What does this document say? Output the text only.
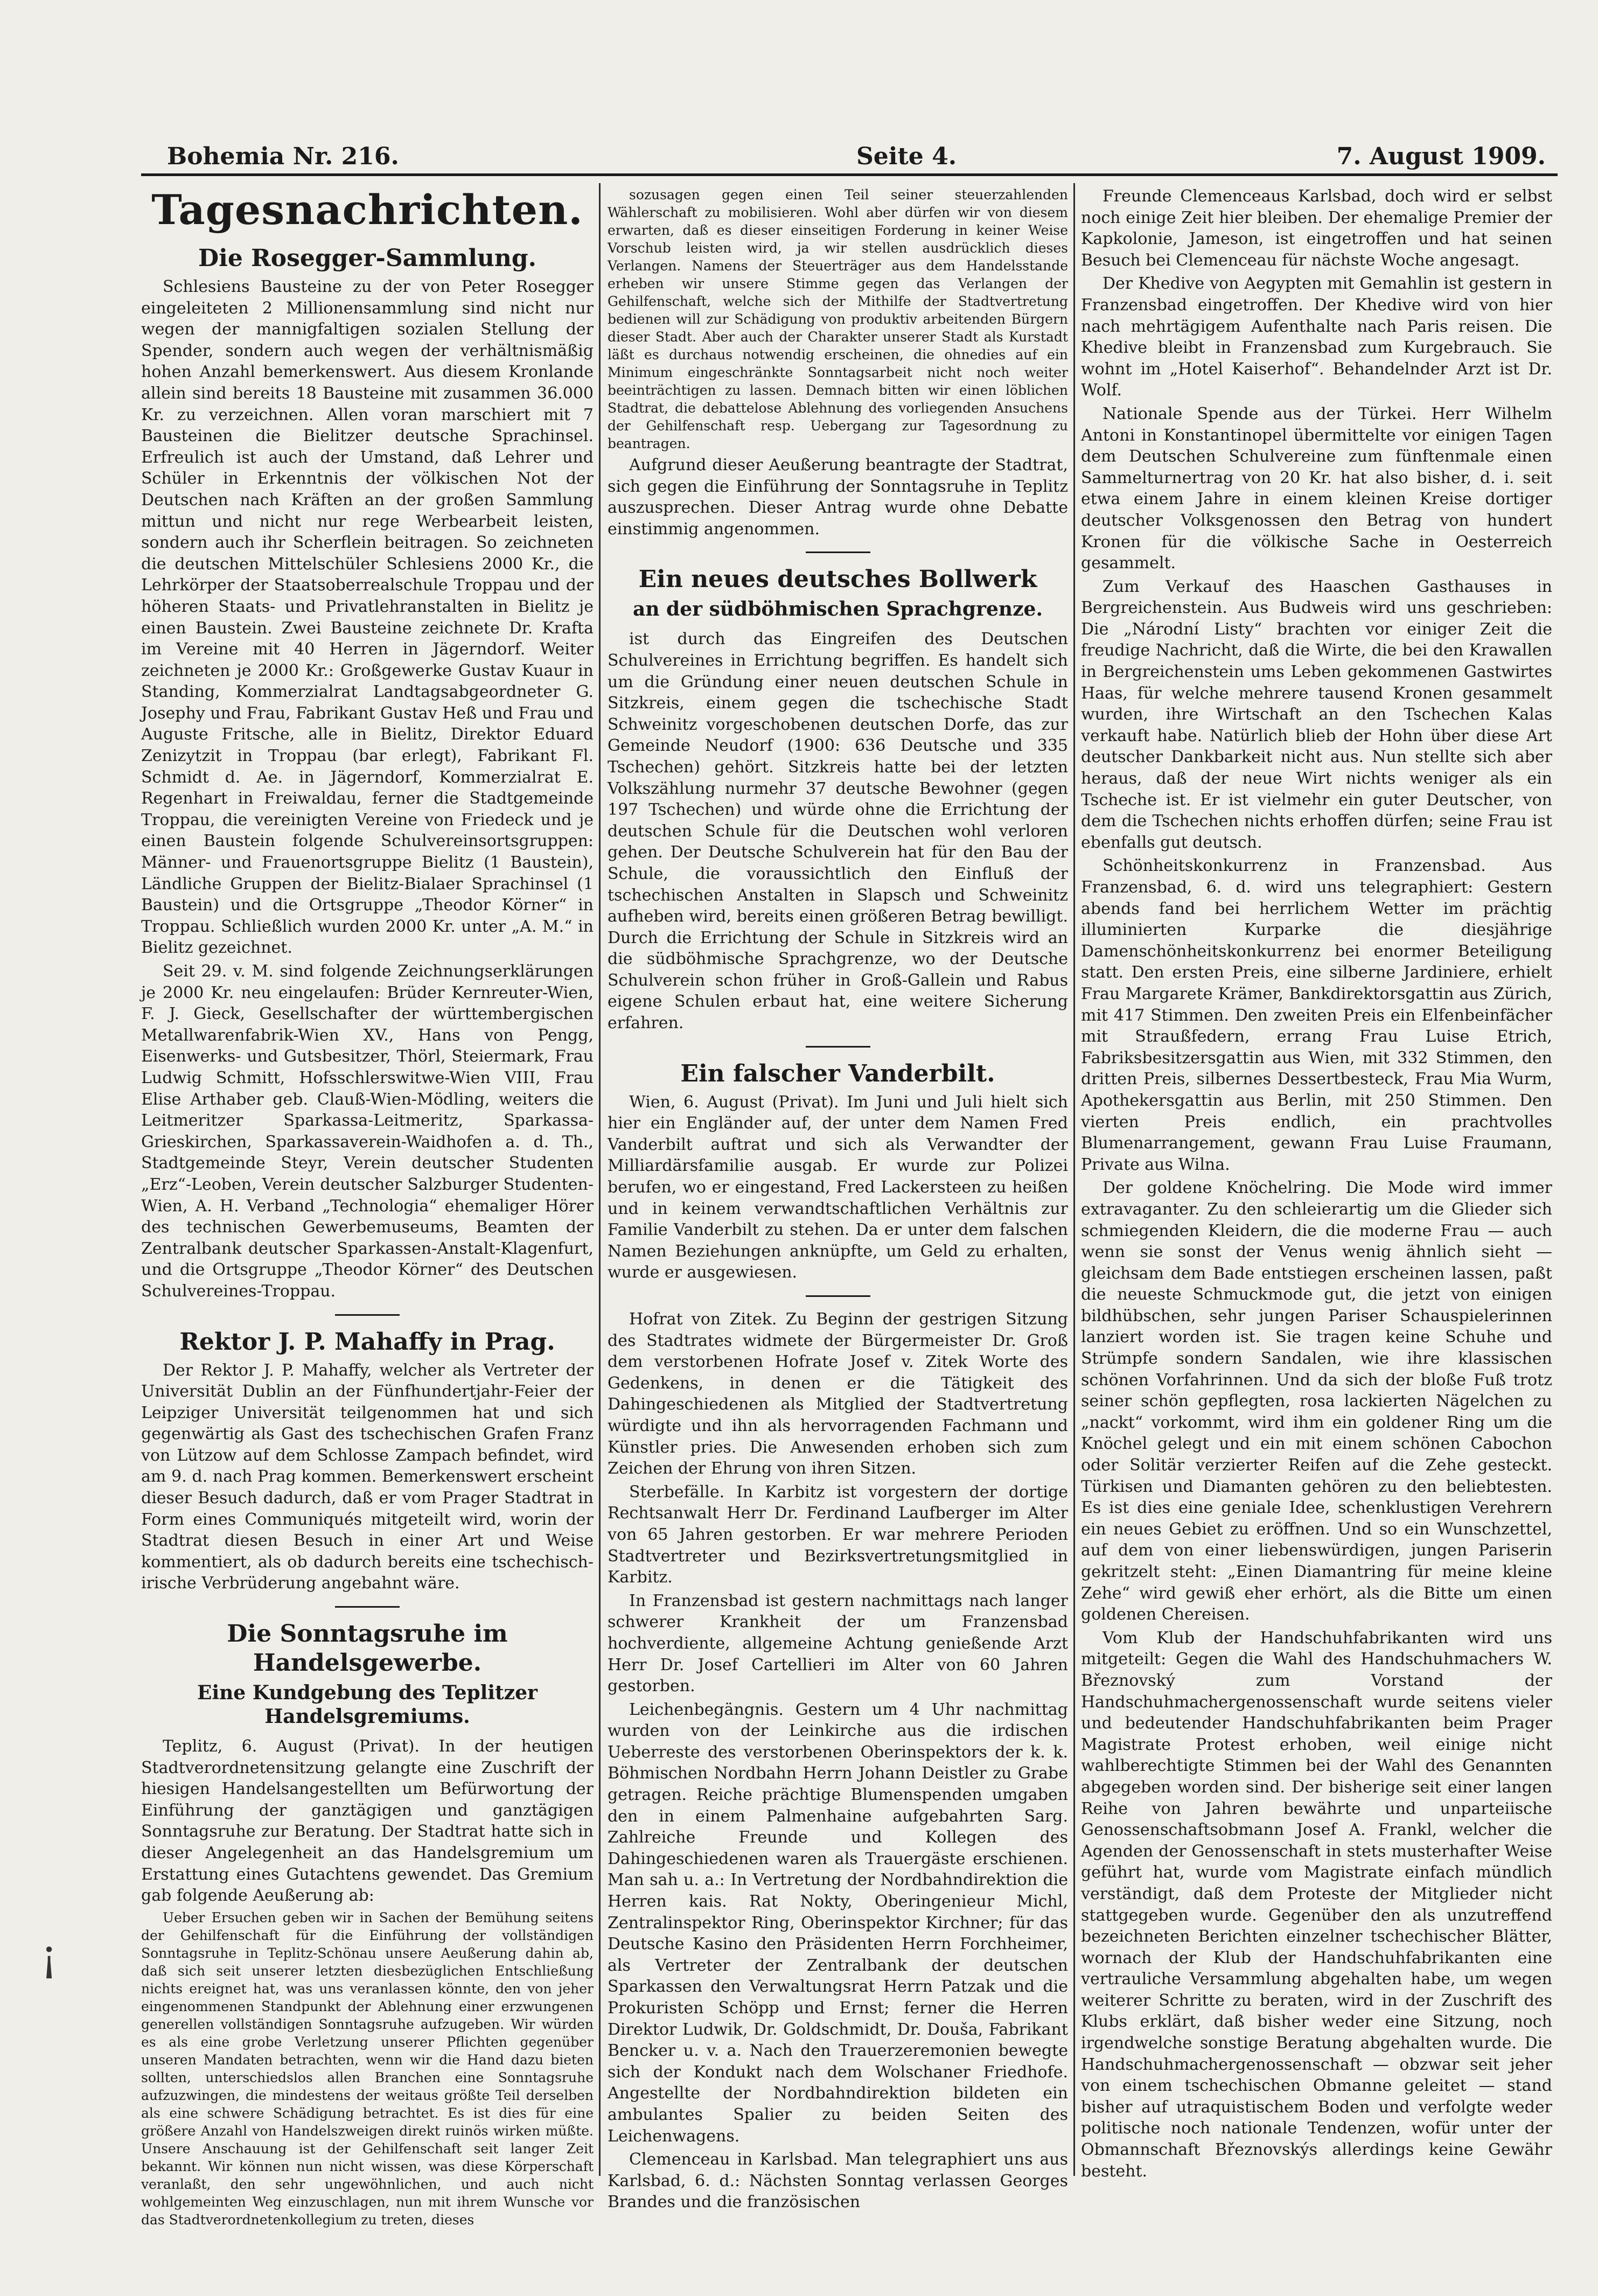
Bohemia Nr. 216.	Seite 4.	7. August 1909.
Tagesnachrichten.
Die Rosegger-Sammlung.

Schlesiens Bausteine zu der von Peter Rosegger eingeleiteten 2 Millionensammlung sind nicht nur wegen der mannigfaltigen sozialen Stellung der Spender, sondern auch wegen der verhältnismäßig hohen Anzahl bemerkenswert. Aus diesem Kronlande allein sind bereits 18 Bausteine mit zusammen 36.000 Kr. zu verzeichnen. Allen voran marschiert mit 7 Bausteinen die Bielitzer deutsche Sprachinsel. Erfreulich ist auch der Umstand, daß Lehrer und Schüler in Erkenntnis der völkischen Not der Deutschen nach Kräften an der großen Sammlung mittun und nicht nur rege Werbearbeit leisten, sondern auch ihr Scherflein beitragen. So zeichneten die deutschen Mittelschüler Schlesiens 2000 Kr., die Lehrkörper der Staatsoberrealschule Troppau und der höheren Staats- und Privatlehranstalten in Bielitz je einen Baustein. Zwei Bausteine zeichnete Dr. Krafta im Vereine mit 40 Herren in Jägerndorf. Weiter zeichneten je 2000 Kr.: Großgewerke Gustav Kuaur in Standing, Kommerzialrat Landtagsabgeordneter G. Josephy und Frau, Fabrikant Gustav Heß und Frau und Auguste Fritsche, alle in Bielitz, Direktor Eduard Zenizytzit in Troppau (bar erlegt), Fabrikant Fl. Schmidt d. Ae. in Jägerndorf, Kommerzialrat E. Regenhart in Freiwaldau, ferner die Stadtgemeinde Troppau, die vereinigten Vereine von Friedeck und je einen Baustein folgende Schulvereinsortsgruppen: Männer- und Frauenortsgruppe Bielitz (1 Baustein), Ländliche Gruppen der Bielitz-Bialaer Sprachinsel (1 Baustein) und die Ortsgruppe „Theodor Körner“ in Troppau. Schließlich wurden 2000 Kr. unter „A. M.“ in Bielitz gezeichnet.

Seit 29. v. M. sind folgende Zeichnungserklärungen je 2000 Kr. neu eingelaufen: Brüder Kernreuter-Wien, F. J. Gieck, Gesellschafter der württembergischen Metallwarenfabrik-Wien XV., Hans von Pengg, Eisenwerks- und Gutsbesitzer, Thörl, Steiermark, Frau Ludwig Schmitt, Hofsschlerswitwe-Wien VIII, Frau Elise Arthaber geb. Clauß-Wien-Mödling, weiters die Leitmeritzer Sparkassa-Leitmeritz, Sparkassa-Grieskirchen, Sparkassaverein-Waidhofen a. d. Th., Stadtgemeinde Steyr, Verein deutscher Studenten „Erz“-Leoben, Verein deutscher Salzburger Studenten-Wien, A. H. Verband „Technologia“ ehemaliger Hörer des technischen Gewerbemuseums, Beamten der Zentralbank deutscher Sparkassen-Anstalt-Klagenfurt, und die Ortsgruppe „Theodor Körner“ des Deutschen Schulvereines-Troppau.

Rektor J. P. Mahaffy in Prag.

Der Rektor J. P. Mahaffy, welcher als Vertreter der Universität Dublin an der Fünfhundertjahr-Feier der Leipziger Universität teilgenommen hat und sich gegenwärtig als Gast des tschechischen Grafen Franz von Lützow auf dem Schlosse Zampach befindet, wird am 9. d. nach Prag kommen. Bemerkenswert erscheint dieser Besuch dadurch, daß er vom Prager Stadtrat in Form eines Communiqués mitgeteilt wird, worin der Stadtrat diesen Besuch in einer Art und Weise kommentiert, als ob dadurch bereits eine tschechisch-irische Verbrüderung angebahnt wäre.

Die Sonntagsruhe im Handelsgewerbe.
Eine Kundgebung des Teplitzer Handelsgremiums.

Teplitz, 6. August (Privat). In der heutigen Stadtverordnetensitzung gelangte eine Zuschrift der hiesigen Handelsangestellten um Befürwortung der Einführung der ganztägigen und ganztägigen Sonntagsruhe zur Beratung. Der Stadtrat hatte sich in dieser Angelegenheit an das Handelsgremium um Erstattung eines Gutachtens gewendet. Das Gremium gab folgende Aeußerung ab:

Ueber Ersuchen geben wir in Sachen der Bemühung seitens der Gehilfenschaft für die Einführung der vollständigen Sonntagsruhe in Teplitz-Schönau unsere Aeußerung dahin ab, daß sich seit unserer letzten diesbezüglichen Entschließung nichts ereignet hat, was uns veranlassen könnte, den von jeher eingenommenen Standpunkt der Ablehnung einer erzwungenen generellen vollständigen Sonntagsruhe aufzugeben. Wir würden es als eine grobe Verletzung unserer Pflichten gegenüber unseren Mandaten betrachten, wenn wir die Hand dazu bieten sollten, unterschiedslos allen Branchen eine Sonntagsruhe aufzuzwingen, die mindestens der weitaus größte Teil derselben als eine schwere Schädigung betrachtet. Es ist dies für eine größere Anzahl von Handelszweigen direkt ruinös wirken müßte. Unsere Anschauung ist der Gehilfenschaft seit langer Zeit bekannt. Wir können nun nicht wissen, was diese Körperschaft veranlaßt, den sehr ungewöhnlichen, und auch nicht wohlgemeinten Weg einzuschlagen, nun mit ihrem Wunsche vor das Stadtverordnetenkollegium zu treten, dieses

sozusagen gegen einen Teil seiner steuerzahlenden Wählerschaft zu mobilisieren. Wohl aber dürfen wir von diesem erwarten, daß es dieser einseitigen Forderung in keiner Weise Vorschub leisten wird, ja wir stellen ausdrücklich dieses Verlangen. Namens der Steuerträger aus dem Handelsstande erheben wir unsere Stimme gegen das Verlangen der Gehilfenschaft, welche sich der Mithilfe der Stadtvertretung bedienen will zur Schädigung von produktiv arbeitenden Bürgern dieser Stadt. Aber auch der Charakter unserer Stadt als Kurstadt läßt es durchaus notwendig erscheinen, die ohnedies auf ein Minimum eingeschränkte Sonntagsarbeit nicht noch weiter beeinträchtigen zu lassen. Demnach bitten wir einen löblichen Stadtrat, die debattelose Ablehnung des vorliegenden Ansuchens der Gehilfenschaft resp. Uebergang zur Tagesordnung zu beantragen.

Aufgrund dieser Aeußerung beantragte der Stadtrat, sich gegen die Einführung der Sonntagsruhe in Teplitz auszusprechen. Dieser Antrag wurde ohne Debatte einstimmig angenommen.

Ein neues deutsches Bollwerk
an der südböhmischen Sprachgrenze.

ist durch das Eingreifen des Deutschen Schulvereines in Errichtung begriffen. Es handelt sich um die Gründung einer neuen deutschen Schule in Sitzkreis, einem gegen die tschechische Stadt Schweinitz vorgeschobenen deutschen Dorfe, das zur Gemeinde Neudorf (1900: 636 Deutsche und 335 Tschechen) gehört. Sitzkreis hatte bei der letzten Volkszählung nurmehr 37 deutsche Bewohner (gegen 197 Tschechen) und würde ohne die Errichtung der deutschen Schule für die Deutschen wohl verloren gehen. Der Deutsche Schulverein hat für den Bau der Schule, die voraussichtlich den Einfluß der tschechischen Anstalten in Slapsch und Schweinitz aufheben wird, bereits einen größeren Betrag bewilligt. Durch die Errichtung der Schule in Sitzkreis wird an die südböhmische Sprachgrenze, wo der Deutsche Schulverein schon früher in Groß-Gallein und Rabus eigene Schulen erbaut hat, eine weitere Sicherung erfahren.

Ein falscher Vanderbilt.

Wien, 6. August (Privat). Im Juni und Juli hielt sich hier ein Engländer auf, der unter dem Namen Fred Vanderbilt auftrat und sich als Verwandter der Milliardärsfamilie ausgab. Er wurde zur Polizei berufen, wo er eingestand, Fred Lackersteen zu heißen und in keinem verwandtschaftlichen Verhältnis zur Familie Vanderbilt zu stehen. Da er unter dem falschen Namen Beziehungen anknüpfte, um Geld zu erhalten, wurde er ausgewiesen.

Hofrat von Zitek. Zu Beginn der gestrigen Sitzung des Stadtrates widmete der Bürgermeister Dr. Groß dem verstorbenen Hofrate Josef v. Zitek Worte des Gedenkens, in denen er die Tätigkeit des Dahingeschiedenen als Mitglied der Stadtvertretung würdigte und ihn als hervorragenden Fachmann und Künstler pries. Die Anwesenden erhoben sich zum Zeichen der Ehrung von ihren Sitzen.

Sterbefälle. In Karbitz ist vorgestern der dortige Rechtsanwalt Herr Dr. Ferdinand Laufberger im Alter von 65 Jahren gestorben. Er war mehrere Perioden Stadtvertreter und Bezirksvertretungsmitglied in Karbitz.

In Franzensbad ist gestern nachmittags nach langer schwerer Krankheit der um Franzensbad hochverdiente, allgemeine Achtung genießende Arzt Herr Dr. Josef Cartellieri im Alter von 60 Jahren gestorben.

Leichenbegängnis. Gestern um 4 Uhr nachmittag wurden von der Leinkirche aus die irdischen Ueberreste des verstorbenen Oberinspektors der k. k. Böhmischen Nordbahn Herrn Johann Deistler zu Grabe getragen. Reiche prächtige Blumenspenden umgaben den in einem Palmenhaine aufgebahrten Sarg. Zahlreiche Freunde und Kollegen des Dahingeschiedenen waren als Trauergäste erschienen. Man sah u. a.: In Vertretung der Nordbahndirektion die Herren kais. Rat Nokty, Oberingenieur Michl, Zentralinspektor Ring, Oberinspektor Kirchner; für das Deutsche Kasino den Präsidenten Herrn Forchheimer, als Vertreter der Zentralbank der deutschen Sparkassen den Verwaltungsrat Herrn Patzak und die Prokuristen Schöpp und Ernst; ferner die Herren Direktor Ludwik, Dr. Goldschmidt, Dr. Douša, Fabrikant Bencker u. v. a. Nach den Trauerzeremonien bewegte sich der Kondukt nach dem Wolschaner Friedhofe. Angestellte der Nordbahndirektion bildeten ein ambulantes Spalier zu beiden Seiten des Leichenwagens.

Clemenceau in Karlsbad. Man telegraphiert uns aus Karlsbad, 6. d.: Nächsten Sonntag verlassen Georges Brandes und die französischen

Freunde Clemenceaus Karlsbad, doch wird er selbst noch einige Zeit hier bleiben. Der ehemalige Premier der Kapkolonie, Jameson, ist eingetroffen und hat seinen Besuch bei Clemenceau für nächste Woche angesagt.

Der Khedive von Aegypten mit Gemahlin ist gestern in Franzensbad eingetroffen. Der Khedive wird von hier nach mehrtägigem Aufenthalte nach Paris reisen. Die Khedive bleibt in Franzensbad zum Kurgebrauch. Sie wohnt im „Hotel Kaiserhof“. Behandelnder Arzt ist Dr. Wolf.

Nationale Spende aus der Türkei. Herr Wilhelm Antoni in Konstantinopel übermittelte vor einigen Tagen dem Deutschen Schulvereine zum fünftenmale einen Sammelturnertrag von 20 Kr. hat also bisher, d. i. seit etwa einem Jahre in einem kleinen Kreise dortiger deutscher Volksgenossen den Betrag von hundert Kronen für die völkische Sache in Oesterreich gesammelt.

Zum Verkauf des Haaschen Gasthauses in Bergreichenstein. Aus Budweis wird uns geschrieben: Die „Národní Listy“ brachten vor einiger Zeit die freudige Nachricht, daß die Wirte, die bei den Krawallen in Bergreichenstein ums Leben gekommenen Gastwirtes Haas, für welche mehrere tausend Kronen gesammelt wurden, ihre Wirtschaft an den Tschechen Kalas verkauft habe. Natürlich blieb der Hohn über diese Art deutscher Dankbarkeit nicht aus. Nun stellte sich aber heraus, daß der neue Wirt nichts weniger als ein Tscheche ist. Er ist vielmehr ein guter Deutscher, von dem die Tschechen nichts erhoffen dürfen; seine Frau ist ebenfalls gut deutsch.

Schönheitskonkurrenz in Franzensbad. Aus Franzensbad, 6. d. wird uns telegraphiert: Gestern abends fand bei herrlichem Wetter im prächtig illuminierten Kurparke die diesjährige Damenschönheitskonkurrenz bei enormer Beteiligung statt. Den ersten Preis, eine silberne Jardiniere, erhielt Frau Margarete Krämer, Bankdirektorsgattin aus Zürich, mit 417 Stimmen. Den zweiten Preis ein Elfenbeinfächer mit Straußfedern, errang Frau Luise Etrich, Fabriksbesitzersgattin aus Wien, mit 332 Stimmen, den dritten Preis, silbernes Dessertbesteck, Frau Mia Wurm, Apothekersgattin aus Berlin, mit 250 Stimmen. Den vierten Preis endlich, ein prachtvolles Blumenarrangement, gewann Frau Luise Fraumann, Private aus Wilna.

Der goldene Knöchelring. Die Mode wird immer extravaganter. Zu den schleierartig um die Glieder sich schmiegenden Kleidern, die die moderne Frau — auch wenn sie sonst der Venus wenig ähnlich sieht — gleichsam dem Bade entstiegen erscheinen lassen, paßt die neueste Schmuckmode gut, die jetzt von einigen bildhübschen, sehr jungen Pariser Schauspielerinnen lanziert worden ist. Sie tragen keine Schuhe und Strümpfe sondern Sandalen, wie ihre klassischen schönen Vorfahrinnen. Und da sich der bloße Fuß trotz seiner schön gepflegten, rosa lackierten Nägelchen zu „nackt“ vorkommt, wird ihm ein goldener Ring um die Knöchel gelegt und ein mit einem schönen Cabochon oder Solitär verzierter Reifen auf die Zehe gesteckt. Türkisen und Diamanten gehören zu den beliebtesten. Es ist dies eine geniale Idee, schenklustigen Verehrern ein neues Gebiet zu eröffnen. Und so ein Wunschzettel, auf dem von einer liebenswürdigen, jungen Pariserin gekritzelt steht: „Einen Diamantring für meine kleine Zehe“ wird gewiß eher erhört, als die Bitte um einen goldenen Chereisen.

Vom Klub der Handschuhfabrikanten wird uns mitgeteilt: Gegen die Wahl des Handschuhmachers W. Březnovský zum Vorstand der Handschuhmachergenossenschaft wurde seitens vieler und bedeutender Handschuhfabrikanten beim Prager Magistrate Protest erhoben, weil einige nicht wahlberechtigte Stimmen bei der Wahl des Genannten abgegeben worden sind. Der bisherige seit einer langen Reihe von Jahren bewährte und unparteiische Genossenschaftsobmann Josef A. Frankl, welcher die Agenden der Genossenschaft in stets musterhafter Weise geführt hat, wurde vom Magistrate einfach mündlich verständigt, daß dem Proteste der Mitglieder nicht stattgegeben wurde. Gegenüber den als unzutreffend bezeichneten Berichten einzelner tschechischer Blätter, wornach der Klub der Handschuhfabrikanten eine vertrauliche Versammlung abgehalten habe, um wegen weiterer Schritte zu beraten, wird in der Zuschrift des Klubs erklärt, daß bisher weder eine Sitzung, noch irgendwelche sonstige Beratung abgehalten wurde. Die Handschuhmachergenossenschaft — obzwar seit jeher von einem tschechischen Obmanne geleitet — stand bisher auf utraquistischem Boden und verfolgte weder politische noch nationale Tendenzen, wofür unter der Obmannschaft Březnovskýs allerdings keine Gewähr besteht.

¡
